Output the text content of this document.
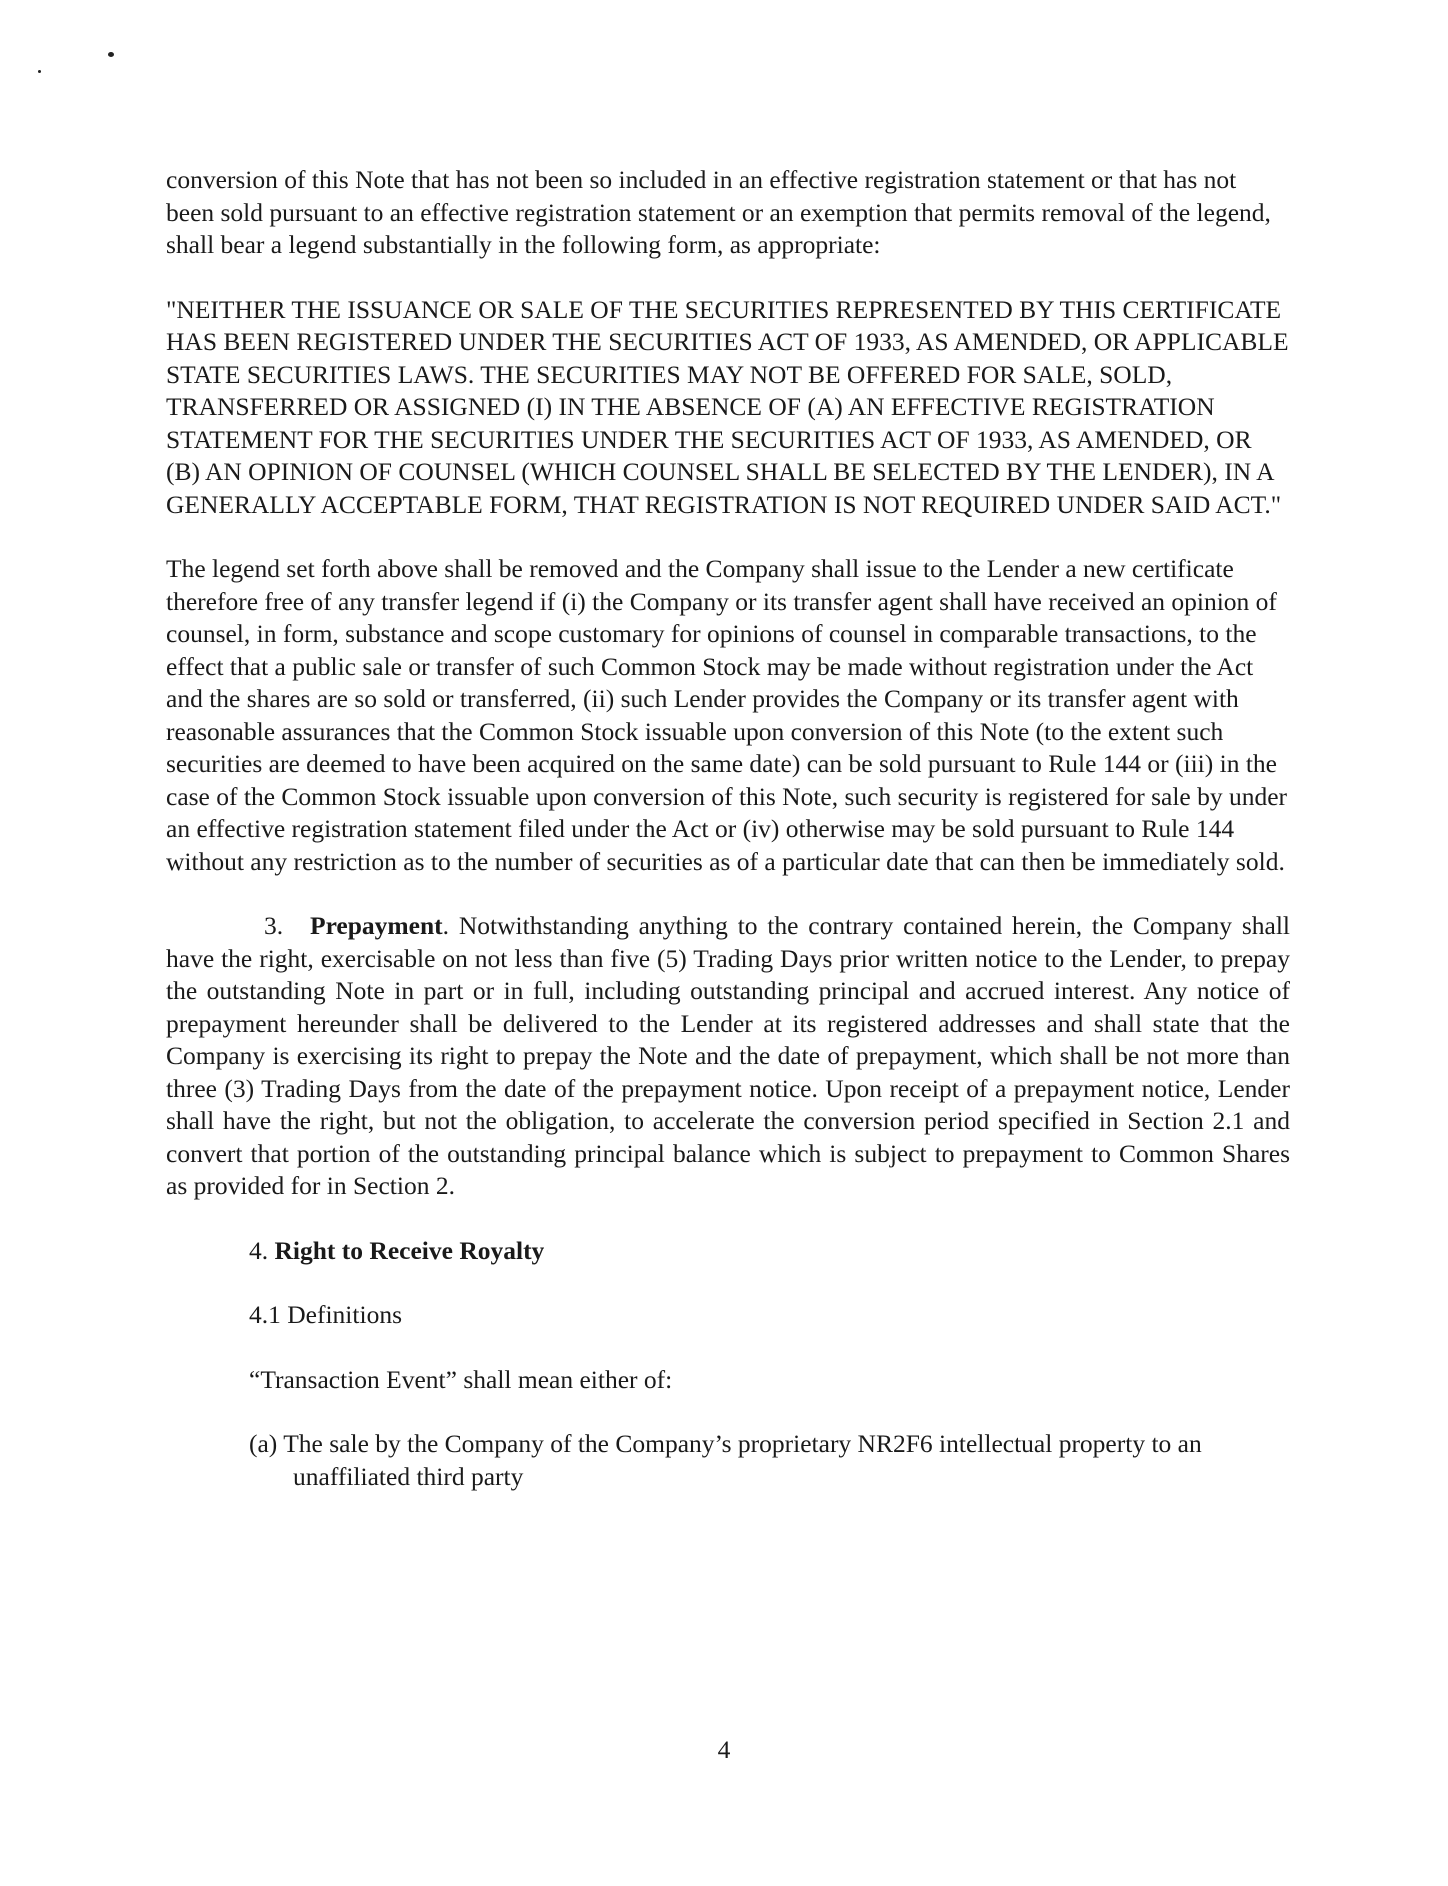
conversion of this Note that has not been so included in an effective registration statement or that has not been sold pursuant to an effective registration statement or an exemption that permits removal of the legend, shall bear a legend substantially in the following form, as appropriate:

"NEITHER THE ISSUANCE OR SALE OF THE SECURITIES REPRESENTED BY THIS CERTIFICATE HAS BEEN REGISTERED UNDER THE SECURITIES ACT OF 1933, AS AMENDED, OR APPLICABLE STATE SECURITIES LAWS. THE SECURITIES MAY NOT BE OFFERED FOR SALE, SOLD, TRANSFERRED OR ASSIGNED (I) IN THE ABSENCE OF (A) AN EFFECTIVE REGISTRATION STATEMENT FOR THE SECURITIES UNDER THE SECURITIES ACT OF 1933, AS AMENDED, OR (B) AN OPINION OF COUNSEL (WHICH COUNSEL SHALL BE SELECTED BY THE LENDER), IN A GENERALLY ACCEPTABLE FORM, THAT REGISTRATION IS NOT REQUIRED UNDER SAID ACT."

The legend set forth above shall be removed and the Company shall issue to the Lender a new certificate therefore free of any transfer legend if (i) the Company or its transfer agent shall have received an opinion of counsel, in form, substance and scope customary for opinions of counsel in comparable transactions, to the effect that a public sale or transfer of such Common Stock may be made without registration under the Act and the shares are so sold or transferred, (ii) such Lender provides the Company or its transfer agent with reasonable assurances that the Common Stock issuable upon conversion of this Note (to the extent such securities are deemed to have been acquired on the same date) can be sold pursuant to Rule 144 or (iii) in the case of the Common Stock issuable upon conversion of this Note, such security is registered for sale by under an effective registration statement filed under the Act or (iv) otherwise may be sold pursuant to Rule 144 without any restriction as to the number of securities as of a particular date that can then be immediately sold.

3. Prepayment. Notwithstanding anything to the contrary contained herein, the Company shall have the right, exercisable on not less than five (5) Trading Days prior written notice to the Lender, to prepay the outstanding Note in part or in full, including outstanding principal and accrued interest. Any notice of prepayment hereunder shall be delivered to the Lender at its registered addresses and shall state that the Company is exercising its right to prepay the Note and the date of prepayment, which shall be not more than three (3) Trading Days from the date of the prepayment notice. Upon receipt of a prepayment notice, Lender shall have the right, but not the obligation, to accelerate the conversion period specified in Section 2.1 and convert that portion of the outstanding principal balance which is subject to prepayment to Common Shares as provided for in Section 2.

4. Right to Receive Royalty

4.1 Definitions

“Transaction Event” shall mean either of:

(a) The sale by the Company of the Company’s proprietary NR2F6 intellectual property to an unaffiliated third party

4
